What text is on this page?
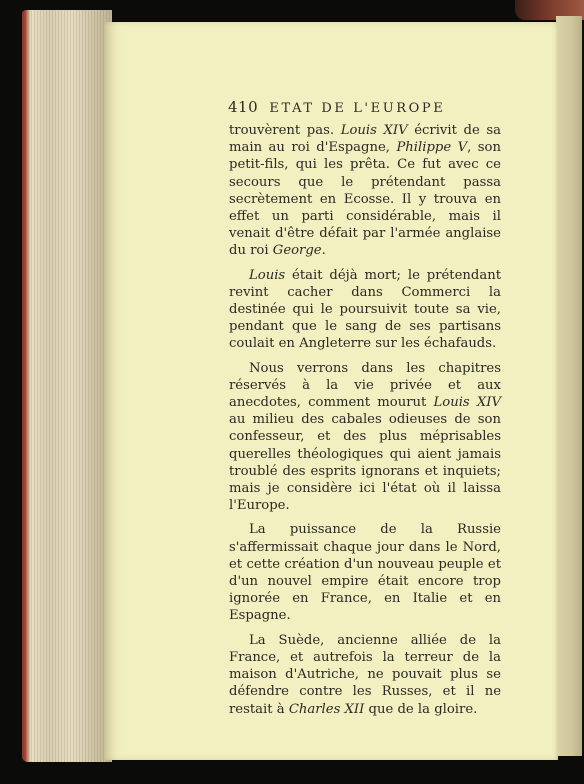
410 ETAT DE L'EUROPE

trouvèrent pas. Louis XIV écrivit de sa main au roi d'Espagne, Philippe V, son petit-fils, qui les prêta. Ce fut avec ce secours que le prétendant passa secrètement en Ecosse. Il y trouva en effet un parti considérable, mais il venait d'être défait par l'armée anglaise du roi George.

Louis était déjà mort; le prétendant revint cacher dans Commerci la destinée qui le poursuivit toute sa vie, pendant que le sang de ses partisans coulait en Angleterre sur les échafauds.

Nous verrons dans les chapitres réservés à la vie privée et aux anecdotes, comment mourut Louis XIV au milieu des cabales odieuses de son confesseur, et des plus méprisables querelles théologiques qui aient jamais troublé des esprits ignorans et inquiets; mais je considère ici l'état où il laissa l'Europe.

La puissance de la Russie s'affermissait chaque jour dans le Nord, et cette création d'un nouveau peuple et d'un nouvel empire était encore trop ignorée en France, en Italie et en Espagne.

La Suède, ancienne alliée de la France, et autrefois la terreur de la maison d'Autriche, ne pouvait plus se défendre contre les Russes, et il ne restait à Charles XII que de la gloire.
